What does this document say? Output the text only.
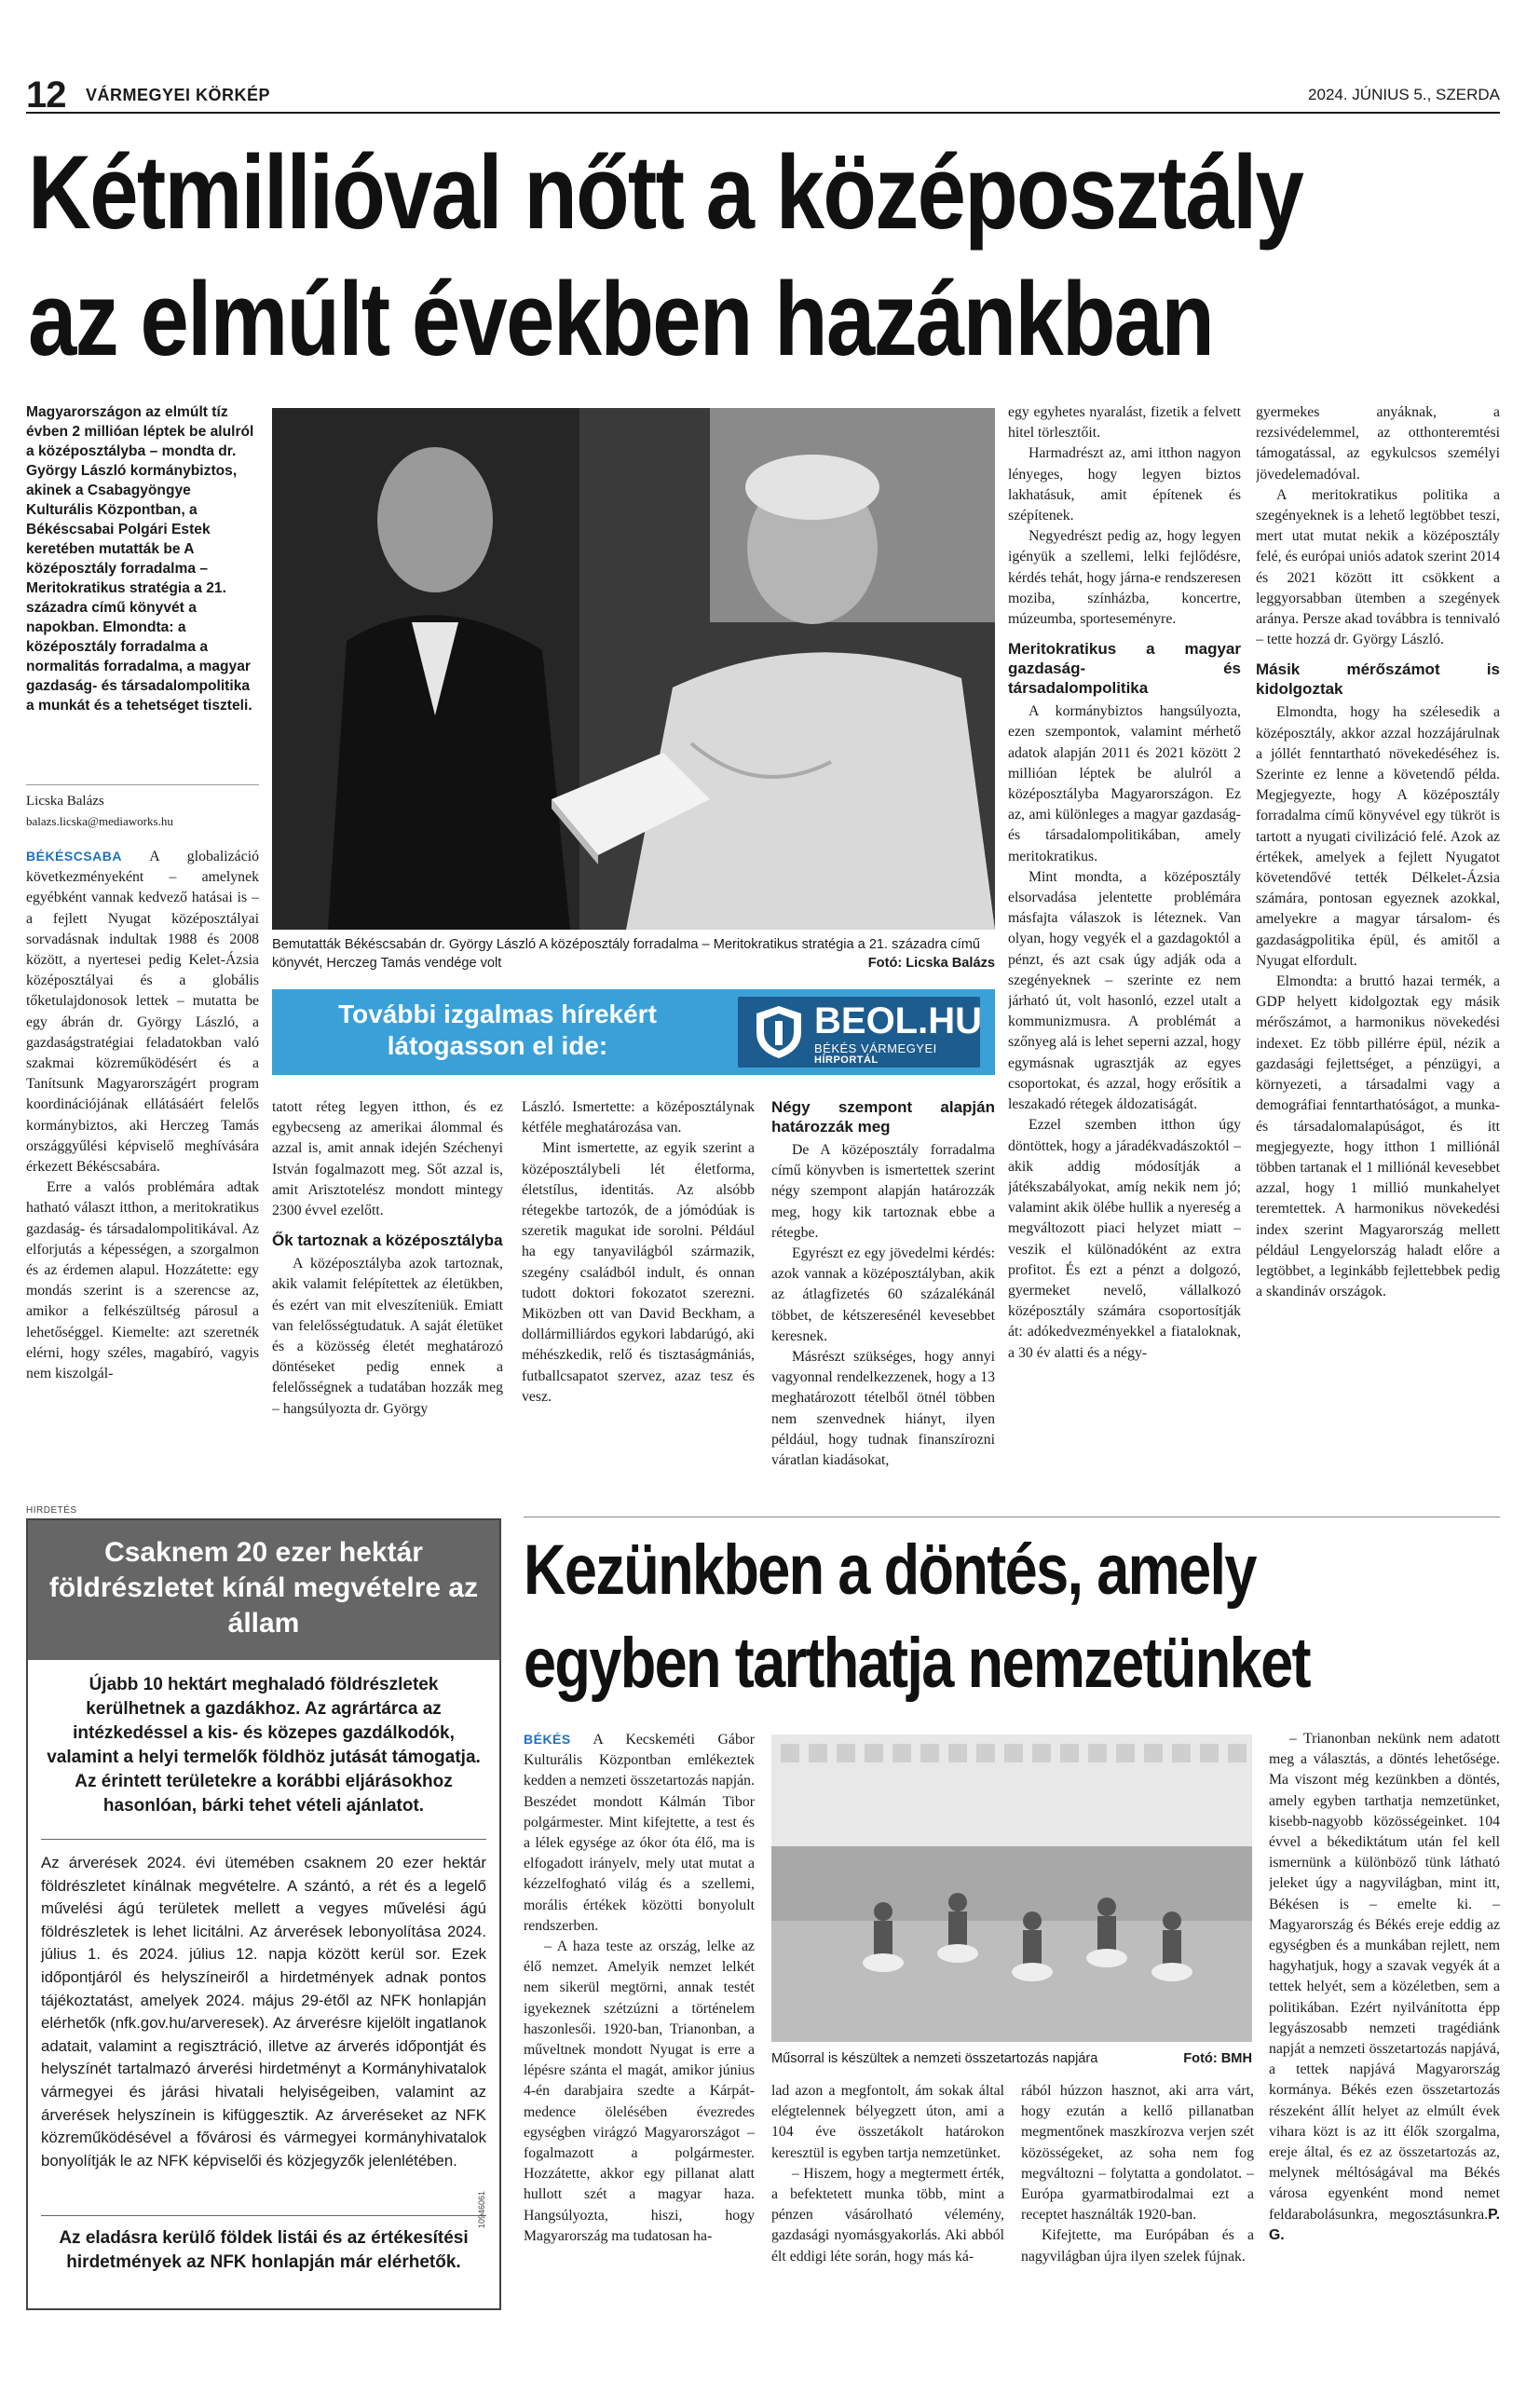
12 VÁRMEGYEI KÖRKÉP	2024. JÚNIUS 5., SZERDA
Kétmillióval nőtt a középosztály
az elmúlt években hazánkban
Magyarországon az elmúlt tíz évben 2 millióan léptek be alulról a középosztályba – mondta dr. György László kormánybiztos, akinek a Csabagyöngye Kulturális Központban, a Békéscsabai Polgári Estek keretében mutatták be A középosztály forradalma – Meritokratikus stratégia a 21. századra című könyvét a napokban. Elmondta: a középosztály forradalma a normalitás forradalma, a magyar gazdaság- és társadalompolitika a munkát és a tehetséget tiszteli.
Licska Balázs
balazs.licska@mediaworks.hu

BÉKÉSCSABA A globalizáció következményeként – amelynek egyébként vannak kedvező hatásai is – a fejlett Nyugat középosztályai sorvadásnak indultak 1988 és 2008 között, a nyertesei pedig Kelet-Ázsia középosztályai és a globális tőketulajdonosok lettek – mutatta be egy ábrán dr. György László, a gazdaságstratégiai feladatokban való szakmai közreműködésért és a Tanítsunk Magyarországért program koordinációjának ellátásáért felelős kormánybiztos, aki Herczeg Tamás országgyűlési képviselő meghívására érkezett Békéscsabára.

Erre a valós problémára adtak hatható választ itthon, a meritokratikus gazdaság- és társadalompolitikával. Az elforjutás a képességen, a szorgalmon és az érdemen alapul. Hozzátette: egy mondás szerint is a szerencse az, amikor a felkészültség párosul a lehetőséggel. Kiemelte: azt szeretnék elérni, hogy széles, magabíró, vagyis nem kiszolgál-

Bemutatták Békéscsabán dr. György László A középosztály forradalma – Meritokratikus stratégia a 21. századra című könyvét, Herczeg Tamás vendége volt	Fotó: Licska Balázs
További izgalmas hírekért látogasson el ide:
BEOL.HU
BÉKÉS VÁRMEGYEI
HÍRPORTÁL

tatott réteg legyen itthon, és ez egybecseng az amerikai álommal és azzal is, amit annak idején Széchenyi István fogalmazott meg. Sőt azzal is, amit Arisztotelész mondott mintegy 2300 évvel ezelőtt.

Ők tartoznak a középosztályba

A középosztályba azok tartoznak, akik valamit felépítettek az életükben, és ezért van mit elveszíteniük. Emiatt van felelősségtudatuk. A saját életüket és a közösség életét meghatározó döntéseket pedig ennek a felelősségnek a tudatában hozzák meg – hangsúlyozta dr. György

László. Ismertette: a középosztálynak kétféle meghatározása van.

Mint ismertette, az egyik szerint a középosztálybeli lét életforma, életstílus, identitás. Az alsóbb rétegekbe tartozók, de a jómódúak is szeretik magukat ide sorolni. Például ha egy tanyavilágból származik, szegény családból indult, és onnan tudott doktori fokozatot szerezni. Miközben ott van David Beckham, a dollármilliárdos egykori labdarúgó, aki méhészkedik, relő és tisztaságmániás, futballcsapatot szervez, azaz tesz és vesz.

Négy szempont alapján határozzák meg

De A középosztály forradalma című könyvben is ismertettek szerint négy szempont alapján határozzák meg, hogy kik tartoznak ebbe a rétegbe.

Egyrészt ez egy jövedelmi kérdés: azok vannak a középosztályban, akik az átlagfizetés 60 százalékánál többet, de kétszeresénél kevesebbet keresnek.

Másrészt szükséges, hogy annyi vagyonnal rendelkezzenek, hogy a 13 meghatározott tételből ötnél többen nem szenvednek hiányt, ilyen például, hogy tudnak finanszírozni váratlan kiadásokat,

egy egyhetes nyaralást, fizetik a felvett hitel törlesztőit.

Harmadrészt az, ami itthon nagyon lényeges, hogy legyen biztos lakhatásuk, amit építenek és szépítenek.

Negyedrészt pedig az, hogy legyen igényük a szellemi, lelki fejlődésre, kérdés tehát, hogy járna-e rendszeresen moziba, színházba, koncertre, múzeumba, sporteseményre.

Meritokratikus a magyar gazdaság- és társadalompolitika

A kormánybiztos hangsúlyozta, ezen szempontok, valamint mérhető adatok alapján 2011 és 2021 között 2 millióan léptek be alulról a középosztályba Magyarországon. Ez az, ami különleges a magyar gazdaság- és társadalompolitikában, amely meritokratikus.

Mint mondta, a középosztály elsorvadása jelentette problémára másfajta válaszok is léteznek. Van olyan, hogy vegyék el a gazdagoktól a pénzt, és azt csak úgy adják oda a szegényeknek – szerinte ez nem járható út, volt hasonló, ezzel utalt a kommunizmusra. A problémát a szőnyeg alá is lehet seperni azzal, hogy egymásnak ugrasztják az egyes csoportokat, és azzal, hogy erősítik a leszakadó rétegek áldozatiságát.

Ezzel szemben itthon úgy döntöttek, hogy a járadékvadászoktól – akik addig módosítják a játékszabályokat, amíg nekik nem jó; valamint akik ölébe hullik a nyereség a megváltozott piaci helyzet miatt – veszik el különadóként az extra profitot. És ezt a pénzt a dolgozó, gyermeket nevelő, vállalkozó középosztály számára csoportosítják át: adókedvezményekkel a fiataloknak, a 30 év alatti és a négy-

gyermekes anyáknak, a rezsivédelemmel, az otthonteremtési támogatással, az egykulcsos személyi jövedelemadóval.

A meritokratikus politika a szegényeknek is a lehető legtöbbet teszi, mert utat mutat nekik a középosztály felé, és európai uniós adatok szerint 2014 és 2021 között itt csökkent a leggyorsabban ütemben a szegények aránya. Persze akad továbbra is tennivaló – tette hozzá dr. György László.

Másik mérőszámot is kidolgoztak

Elmondta, hogy ha szélesedik a középosztály, akkor azzal hozzájárulnak a jóllét fenntartható növekedéséhez is. Szerinte ez lenne a követendő példa. Megjegyezte, hogy A középosztály forradalma című könyvével egy tükröt is tartott a nyugati civilizáció felé. Azok az értékek, amelyek a fejlett Nyugatot követendővé tették Délkelet-Ázsia számára, pontosan egyeznek azokkal, amelyekre a magyar társalom- és gazdaságpolitika épül, és amitől a Nyugat elfordult.

Elmondta: a bruttó hazai termék, a GDP helyett kidolgoztak egy másik mérőszámot, a harmonikus növekedési indexet. Ez több pillérre épül, nézik a gazdasági fejlettséget, a pénzügyi, a környezeti, a társadalmi vagy a demográfiai fenntarthatóságot, a munka- és társadalomalapúságot, és itt megjegyezte, hogy itthon 1 milliónál többen tartanak el 1 milliónál kevesebbet azzal, hogy 1 millió munkahelyet teremtettek. A harmonikus növekedési index szerint Magyarország mellett például Lengyelország haladt előre a legtöbbet, a leginkább fejlettebbek pedig a skandináv országok.

HIRDETÉS
Csaknem 20 ezer hektár földrészletet kínál megvételre az állam
Újabb 10 hektárt meghaladó földrészletek kerülhetnek a gazdákhoz. Az agrártárca az intézkedéssel a kis- és közepes gazdálkodók, valamint a helyi termelők földhöz jutását támogatja. Az érintett területekre a korábbi eljárásokhoz hasonlóan, bárki tehet vételi ajánlatot.
Az árverések 2024. évi ütemében csaknem 20 ezer hektár földrészletet kínálnak megvételre. A szántó, a rét és a legelő művelési ágú területek mellett a vegyes művelési ágú földrészletek is lehet licitálni. Az árverések lebonyolítása 2024. július 1. és 2024. július 12. napja között kerül sor. Ezek időpontjáról és helyszíneiről a hirdetmények adnak pontos tájékoztatást, amelyek 2024. május 29-étől az NFK honlapján elérhetők (nfk.gov.hu/arveresek). Az árverésre kijelölt ingatlanok adatait, valamint a regisztráció, illetve az árverés időpontját és helyszínét tartalmazó árverési hirdetményt a Kormányhivatalok vármegyei és járási hivatali helyiségeiben, valamint az árverések helyszínein is kifüggesztik. Az árveréseket az NFK közreműködésével a fővárosi és vármegyei kormányhivatalok bonyolítják le az NFK képviselői és közjegyzők jelenlétében.
Az eladásra kerülő földek listái és az értékesítési hirdetmények az NFK honlapján már elérhetők.
10946061
Kezünkben a döntés, amely
egyben tarthatja nemzetünket

BÉKÉS A Kecskeméti Gábor Kulturális Központban emlékeztek kedden a nemzeti összetartozás napján. Beszédet mondott Kálmán Tibor polgármester. Mint kifejtette, a test és a lélek egysége az ókor óta élő, ma is elfogadott irányelv, mely utat mutat a kézzelfogható világ és a szellemi, morális értékek közötti bonyolult rendszerben.

– A haza teste az ország, lelke az élő nemzet. Amelyik nemzet lelkét nem sikerül megtörni, annak testét igyekeznek szétzúzni a történelem haszonlesői. 1920-ban, Trianonban, a műveltnek mondott Nyugat is erre a lépésre szánta el magát, amikor június 4-én darabjaira szedte a Kárpát-medence ölelésében évezredes egységben virágzó Magyarországot – fogalmazott a polgármester. Hozzátette, akkor egy pillanat alatt hullott szét a magyar haza. Hangsúlyozta, hiszi, hogy Magyarország ma tudatosan ha-

Műsorral is készültek a nemzeti összetartozás napjára	Fotó: BMH

lad azon a megfontolt, ám sokak által elégtelennek bélyegzett úton, ami a 104 éve összetákolt határokon keresztül is egyben tartja nemzetünket.

– Hiszem, hogy a megtermett érték, a befektetett munka több, mint a pénzen vásárolható vélemény, gazdasági nyomásgyakorlás. Aki abból élt eddigi léte során, hogy más ká-

rából húzzon hasznot, aki arra várt, hogy ezután a kellő pillanatban megmentőnek maszkírozva verjen szét közösségeket, az soha nem fog megváltozni – folytatta a gondolatot. – Európa gyarmatbirodalmai ezt a receptet használták 1920-ban.

Kifejtette, ma Európában és a nagyvilágban újra ilyen szelek fújnak.

– Trianonban nekünk nem adatott meg a választás, a döntés lehetősége. Ma viszont még kezünkben a döntés, amely egyben tarthatja nemzetünket, kisebb-nagyobb közösségeinket. 104 évvel a békediktátum után fel kell ismernünk a különböző tünk látható jeleket úgy a nagyvilágban, mint itt, Békésen is – emelte ki. – Magyarország és Békés ereje eddig az egységben és a munkában rejlett, nem hagyhatjuk, hogy a szavak vegyék át a tettek helyét, sem a közéletben, sem a politikában. Ezért nyilvánította épp legyászosabb nemzeti tragédiánk napját a nemzeti összetartozás napjává, a tettek napjává Magyarország kormánya. Békés ezen összetartozás részeként állít helyet az elmúlt évek vihara közt is az itt élők szorgalma, ereje által, és ez az összetartozás az, melynek méltóságával ma Békés városa egyenként mond nemet feldarabolásunkra, megosztásunkra.P. G.
